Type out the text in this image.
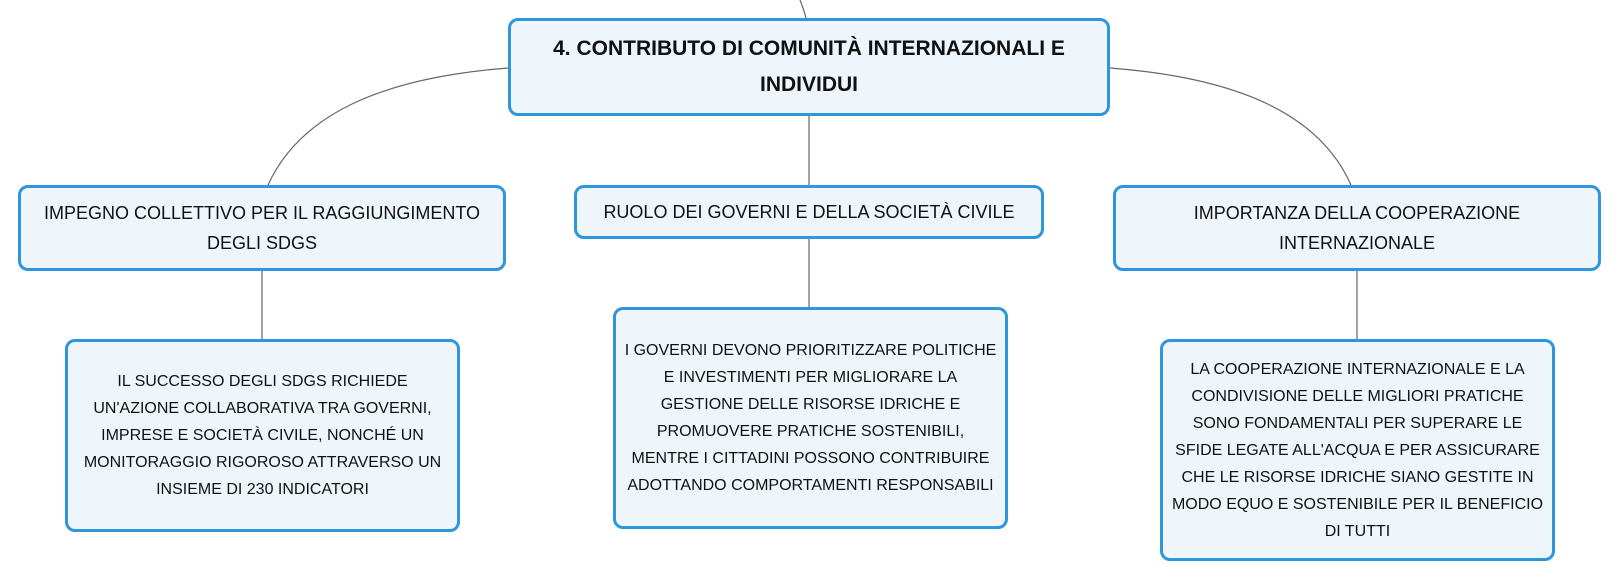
4. CONTRIBUTO DI COMUNITÀ INTERNAZIONALI E INDIVIDUI
IMPEGNO COLLETTIVO PER IL RAGGIUNGIMENTO DEGLI SDGS
RUOLO DEI GOVERNI E DELLA SOCIETÀ CIVILE	IMPORTANZA DELLA COOPERAZIONE INTERNAZIONALE
IL SUCCESSO DEGLI SDGS RICHIEDE UN'AZIONE COLLABORATIVA TRA GOVERNI, IMPRESE E SOCIETÀ CIVILE, NONCHÉ UN MONITORAGGIO RIGOROSO ATTRAVERSO UN INSIEME DI 230 INDICATORI
I GOVERNI DEVONO PRIORITIZZARE POLITICHE E INVESTIMENTI PER MIGLIORARE LA GESTIONE DELLE RISORSE IDRICHE E PROMUOVERE PRATICHE SOSTENIBILI, MENTRE I CITTADINI POSSONO CONTRIBUIRE ADOTTANDO COMPORTAMENTI RESPONSABILI
LA COOPERAZIONE INTERNAZIONALE E LA CONDIVISIONE DELLE MIGLIORI PRATICHE SONO FONDAMENTALI PER SUPERARE LE SFIDE LEGATE ALL'ACQUA E PER ASSICURARE CHE LE RISORSE IDRICHE SIANO GESTITE IN MODO EQUO E SOSTENIBILE PER IL BENEFICIO DI TUTTI
